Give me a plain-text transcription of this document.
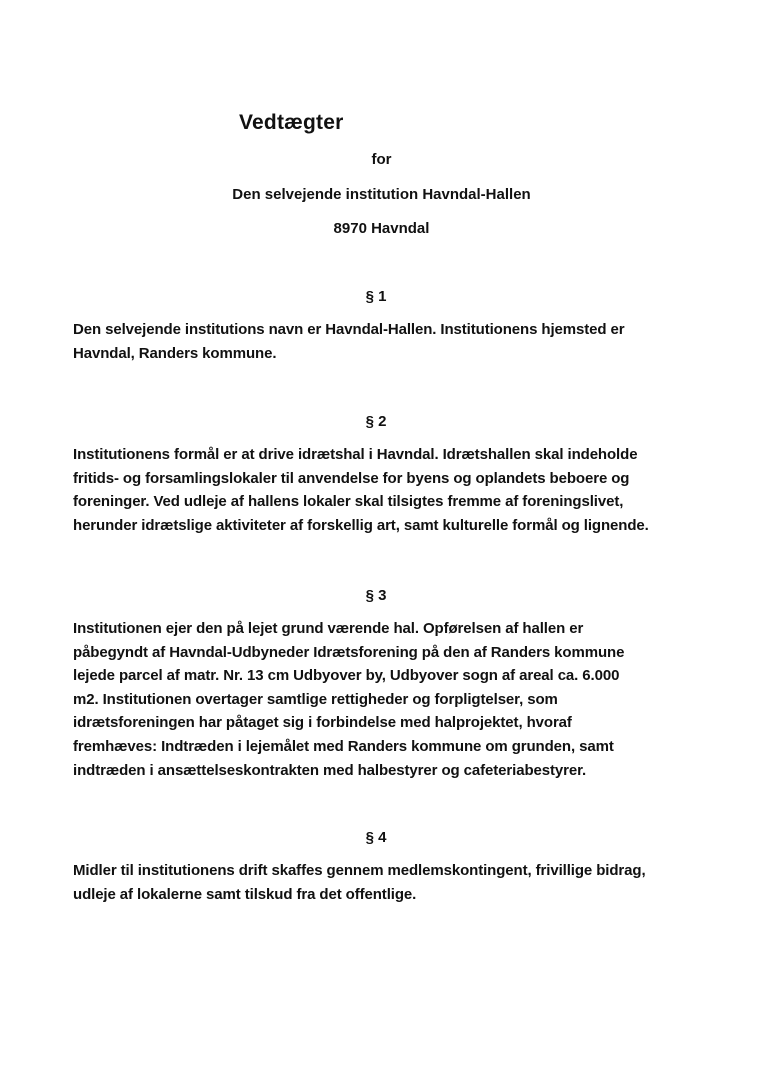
Vedtægter

for

Den selvejende institution Havndal-Hallen

8970 Havndal

§ 1

Den selvejende institutions navn er Havndal-Hallen. Institutionens hjemsted er
Havndal, Randers kommune.

§ 2

Institutionens formål er at drive idrætshal i Havndal. Idrætshallen skal indeholde
fritids- og forsamlingslokaler til anvendelse for byens og oplandets beboere og
foreninger. Ved udleje af hallens lokaler skal tilsigtes fremme af foreningslivet,
herunder idrætslige aktiviteter af forskellig art, samt kulturelle formål og lignende.

§ 3

Institutionen ejer den på lejet grund værende hal. Opførelsen af hallen er
påbegyndt af Havndal-Udbyneder Idrætsforening på den af Randers kommune
lejede parcel af matr. Nr. 13 cm Udbyover by, Udbyover sogn af areal ca. 6.000
m2. Institutionen overtager samtlige rettigheder og forpligtelser, som
idrætsforeningen har påtaget sig i forbindelse med halprojektet, hvoraf
fremhæves: Indtræden i lejemålet med Randers kommune om grunden, samt
indtræden i ansættelseskontrakten med halbestyrer og cafeteriabestyrer.

§ 4

Midler til institutionens drift skaffes gennem medlemskontingent, frivillige bidrag,
udleje af lokalerne samt tilskud fra det offentlige.
